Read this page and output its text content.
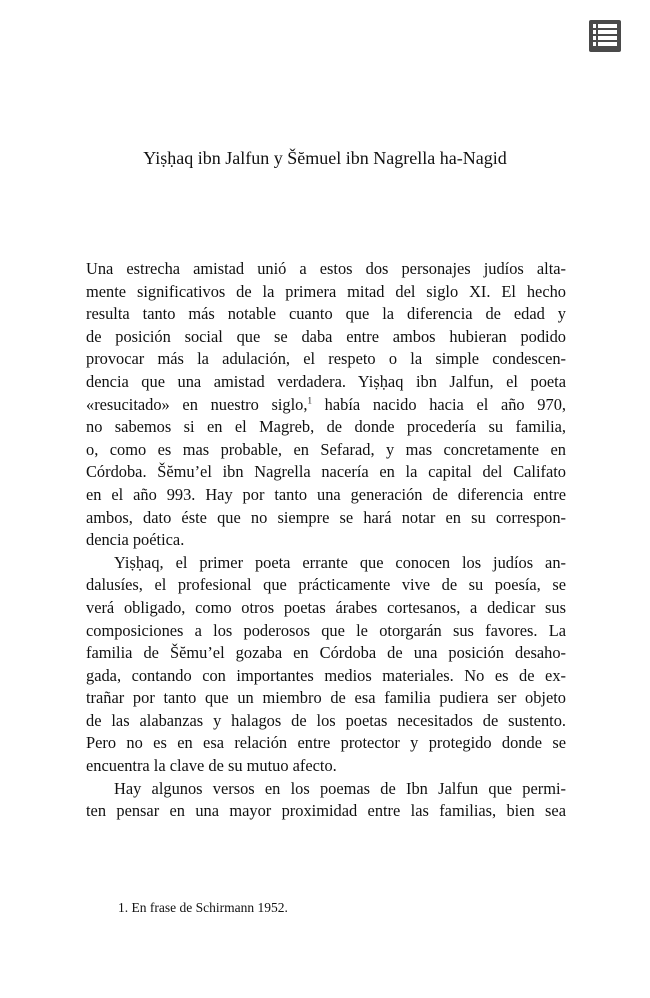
Yiṣḥaq ibn Jalfun y Šĕmuel ibn Nagrella ha-Nagid
Una estrecha amistad unió a estos dos personajes judíos alta-
mente significativos de la primera mitad del siglo XI. El hecho
resulta tanto más notable cuanto que la diferencia de edad y
de posición social que se daba entre ambos hubieran podido
provocar más la adulación, el respeto o la simple condescen-
dencia que una amistad verdadera. Yiṣḥaq ibn Jalfun, el poeta
«resucitado» en nuestro siglo,$^1$ había nacido hacia el año 970,
no sabemos si en el Magreb, de donde procedería su familia,
o, como es mas probable, en Sefarad, y mas concretamente en
Córdoba. Šĕmu’el ibn Nagrella nacería en la capital del Califato
en el año 993. Hay por tanto una generación de diferencia entre
ambos, dato éste que no siempre se hará notar en su correspon-
dencia poética.
Yiṣḥaq, el primer poeta errante que conocen los judíos an-
dalusíes, el profesional que prácticamente vive de su poesía, se
verá obligado, como otros poetas árabes cortesanos, a dedicar sus
composiciones a los poderosos que le otorgarán sus favores. La
familia de Šĕmu’el gozaba en Córdoba de una posición desaho-
gada, contando con importantes medios materiales. No es de ex-
trañar por tanto que un miembro de esa familia pudiera ser objeto
de las alabanzas y halagos de los poetas necesitados de sustento.
Pero no es en esa relación entre protector y protegido donde se
encuentra la clave de su mutuo afecto.
Hay algunos versos en los poemas de Ibn Jalfun que permi-
ten pensar en una mayor proximidad entre las familias, bien sea
1. En frase de Schirmann 1952.
